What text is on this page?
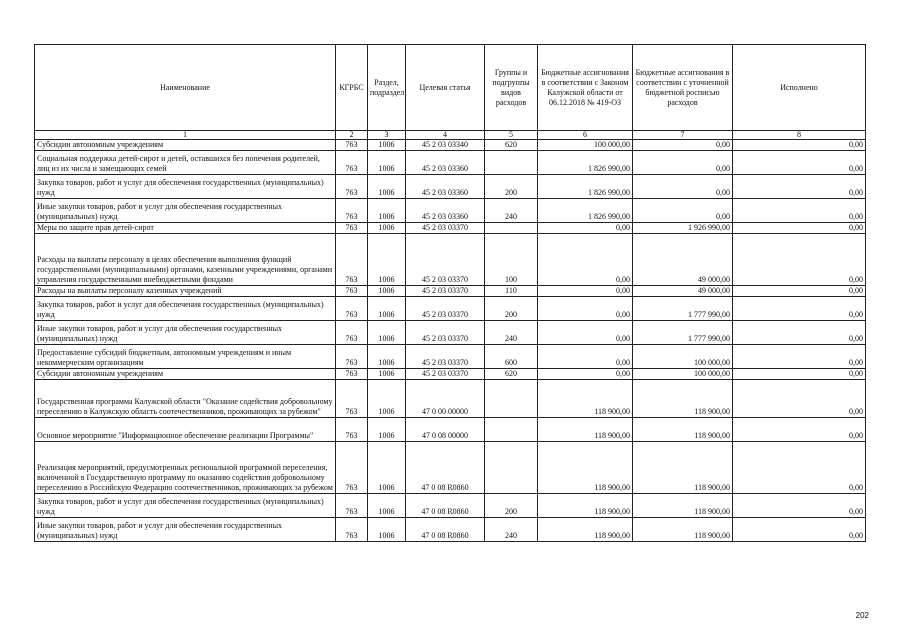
Наименование	КГРБС	Раздел, подраздел	Целевая статья	Группы и подгруппы видов расходов	Бюджетные ассигнования в соответствии с Законом Калужской области от 06.12.2018 № 419-ОЗ	Бюджетные ассигнования в соответствии с уточненной бюджетной росписью расходов	Исполнено
1	2	3	4	5	6	7	8
Субсидии автономным учреждениям	763	1006	45 2 03 03340	620	100 000,00	0,00	0,00
Социальная поддержка детей-сирот и детей, оставшихся без попечения родителей, лиц из их числа и замещающих семей	763	1006	45 2 03 03360		1 826 990,00	0,00	0,00
Закупка товаров, работ и услуг для обеспечения государственных (муниципальных) нужд	763	1006	45 2 03 03360	200	1 826 990,00	0,00	0,00
Иные закупки товаров, работ и услуг для обеспечения государственных (муниципальных) нужд	763	1006	45 2 03 03360	240	1 826 990,00	0,00	0,00
Меры по защите прав детей-сирот	763	1006	45 2 03 03370		0,00	1 926 990,00	0,00
Расходы на выплаты персоналу в целях обеспечения выполнения функций государственными (муниципальными) органами, казенными учреждениями, органами управления государственными внебюджетными фондами	763	1006	45 2 03 03370	100	0,00	49 000,00	0,00
Расходы на выплаты персоналу казенных учреждений	763	1006	45 2 03 03370	110	0,00	49 000,00	0,00
Закупка товаров, работ и услуг для обеспечения государственных (муниципальных) нужд	763	1006	45 2 03 03370	200	0,00	1 777 990,00	0,00
Иные закупки товаров, работ и услуг для обеспечения государственных (муниципальных) нужд	763	1006	45 2 03 03370	240	0,00	1 777 990,00	0,00
Предоставление субсидий бюджетным, автономным учреждениям и иным некоммерческим организациям	763	1006	45 2 03 03370	600	0,00	100 000,00	0,00
Субсидии автономным учреждениям	763	1006	45 2 03 03370	620	0,00	100 000,00	0,00
Государственная программа Калужской области "Оказание содействия добровольному переселению в Калужскую область соотечественников, проживающих за рубежом"	763	1006	47 0 00 00000		118 900,00	118 900,00	0,00
Основное мероприятие "Информационное обеспечение реализации Программы"	763	1006	47 0 08 00000		118 900,00	118 900,00	0,00
Реализация мероприятий, предусмотренных региональной программой переселения, включенной в Государственную программу по оказанию содействия добровольному переселению в Российскую Федерацию соотечественников, проживающих за рубежом	763	1006	47 0 08 R0860		118 900,00	118 900,00	0,00
Закупка товаров, работ и услуг для обеспечения государственных (муниципальных) нужд	763	1006	47 0 08 R0860	200	118 900,00	118 900,00	0,00
Иные закупки товаров, работ и услуг для обеспечения государственных (муниципальных) нужд	763	1006	47 0 08 R0860	240	118 900,00	118 900,00	0,00
202
